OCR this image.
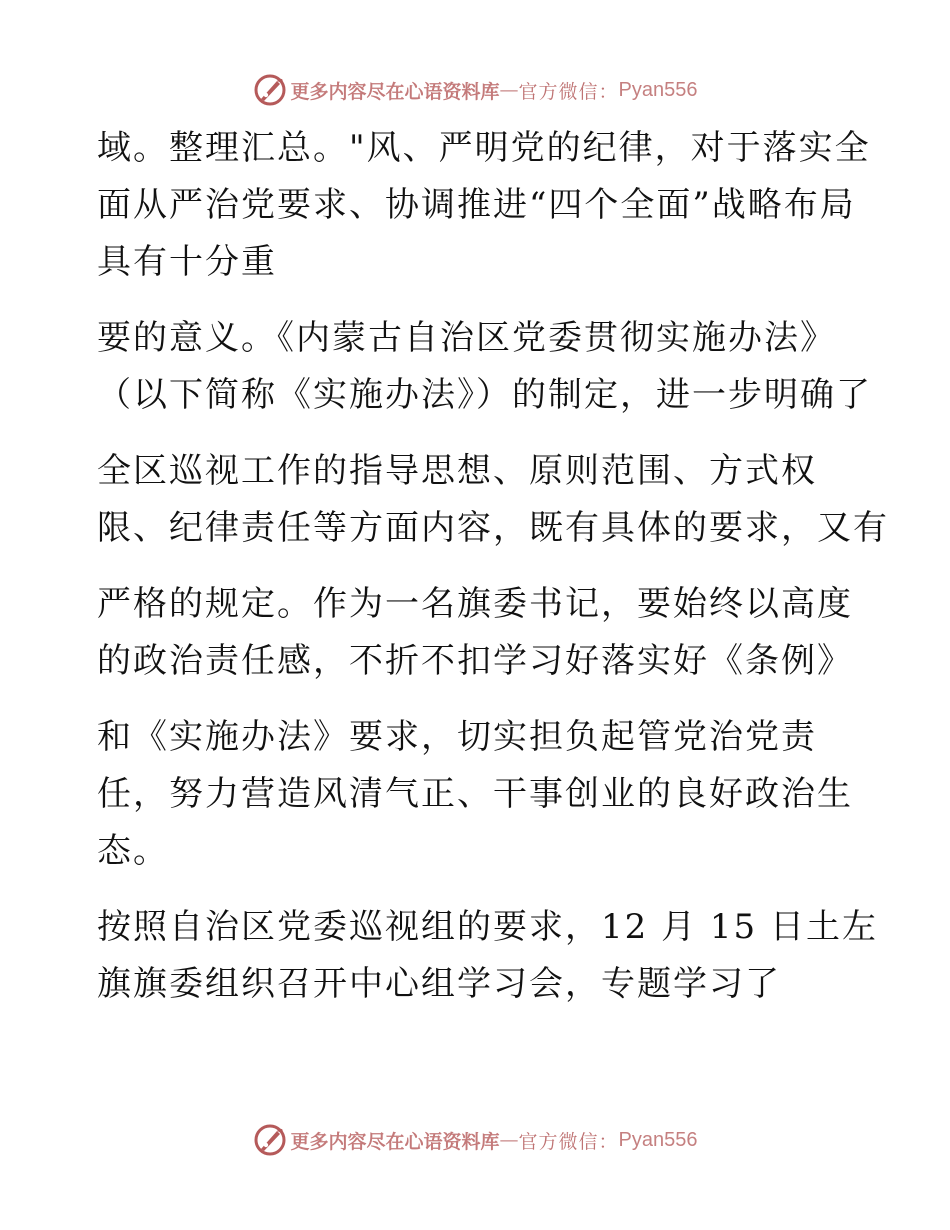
更多内容尽在心语资料库 — 官方微信： Pyan556
域。整理汇总。"风、严明党的纪律，对于落实全
面从严治党要求、协调推进“四个全面”战略布局
具有十分重
要的意义。《内蒙古自治区党委贯彻实施办法》
（以下简称《实施办法》）的制定，进一步明确了
全区巡视工作的指导思想、原则范围、方式权
限、纪律责任等方面内容，既有具体的要求，又有
严格的规定。作为一名旗委书记，要始终以高度
的政治责任感，不折不扣学习好落实好《条例》
和《实施办法》要求，切实担负起管党治党责
任，努力营造风清气正、干事创业的良好政治生
态。
按照自治区党委巡视组的要求，12 月 15 日土左
旗旗委组织召开中心组学习会，专题学习了
更多内容尽在心语资料库 — 官方微信： Pyan556
